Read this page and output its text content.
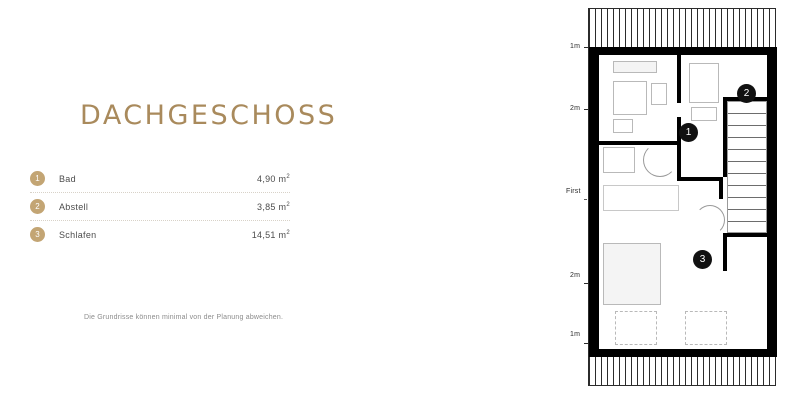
DACHGESCHOSS
1	Bad	4,90 $m^2$
2	Abstell	3,85 $m^2$
3	Schlafen	14,51 $m^2$
Die Grundrisse können minimal von der Planung abweichen.
1m
2m
First
2m
1m
1
2
3
